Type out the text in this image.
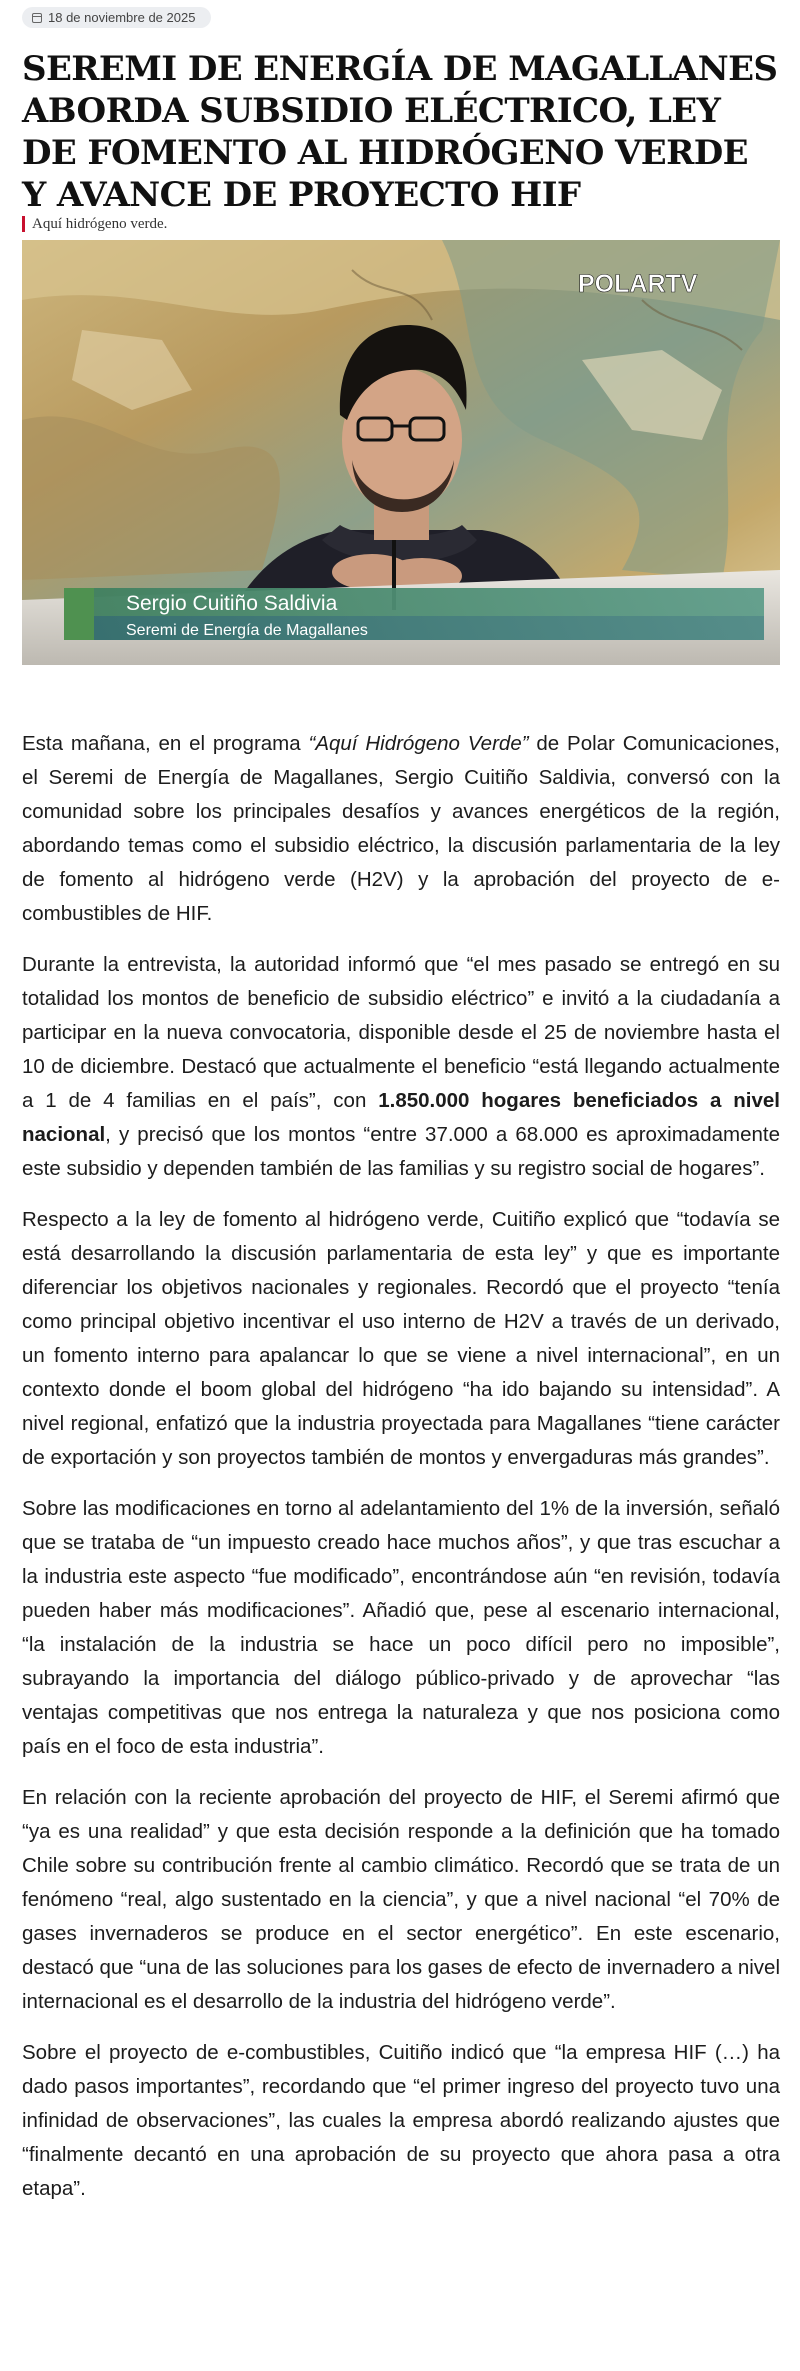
18 de noviembre de 2025
SEREMI DE ENERGÍA DE MAGALLANES ABORDA SUBSIDIO ELÉCTRICO, LEY DE FOMENTO AL HIDRÓGENO VERDE Y AVANCE DE PROYECTO HIF
Aquí hidrógeno verde.
POLARTV
Sergio Cuitiño Saldivia
Seremi de Energía de Magallanes

Esta mañana, en el programa “Aquí Hidrógeno Verde” de Polar Comunicaciones, el Seremi de Energía de Magallanes, Sergio Cuitiño Saldivia, conversó con la comunidad sobre los principales desafíos y avances energéticos de la región, abordando temas como el subsidio eléctrico, la discusión parlamentaria de la ley de fomento al hidrógeno verde (H2V) y la aprobación del proyecto de e-combustibles de HIF.

Durante la entrevista, la autoridad informó que “el mes pasado se entregó en su totalidad los montos de beneficio de subsidio eléctrico” e invitó a la ciudadanía a participar en la nueva convocatoria, disponible desde el 25 de noviembre hasta el 10 de diciembre. Destacó que actualmente el beneficio “está llegando actualmente a 1 de 4 familias en el país”, con 1.850.000 hogares beneficiados a nivel nacional, y precisó que los montos “entre 37.000 a 68.000 es aproximadamente este subsidio y dependen también de las familias y su registro social de hogares”.

Respecto a la ley de fomento al hidrógeno verde, Cuitiño explicó que “todavía se está desarrollando la discusión parlamentaria de esta ley” y que es importante diferenciar los objetivos nacionales y regionales. Recordó que el proyecto “tenía como principal objetivo incentivar el uso interno de H2V a través de un derivado, un fomento interno para apalancar lo que se viene a nivel internacional”, en un contexto donde el boom global del hidrógeno “ha ido bajando su intensidad”. A nivel regional, enfatizó que la industria proyectada para Magallanes “tiene carácter de exportación y son proyectos también de montos y envergaduras más grandes”.

Sobre las modificaciones en torno al adelantamiento del 1% de la inversión, señaló que se trataba de “un impuesto creado hace muchos años”, y que tras escuchar a la industria este aspecto “fue modificado”, encontrándose aún “en revisión, todavía pueden haber más modificaciones”. Añadió que, pese al escenario internacional, “la instalación de la industria se hace un poco difícil pero no imposible”, subrayando la importancia del diálogo público-privado y de aprovechar “las ventajas competitivas que nos entrega la naturaleza y que nos posiciona como país en el foco de esta industria”.

En relación con la reciente aprobación del proyecto de HIF, el Seremi afirmó que “ya es una realidad” y que esta decisión responde a la definición que ha tomado Chile sobre su contribución frente al cambio climático. Recordó que se trata de un fenómeno “real, algo sustentado en la ciencia”, y que a nivel nacional “el 70% de gases invernaderos se produce en el sector energético”. En este escenario, destacó que “una de las soluciones para los gases de efecto de invernadero a nivel internacional es el desarrollo de la industria del hidrógeno verde”.

Sobre el proyecto de e-combustibles, Cuitiño indicó que “la empresa HIF (…) ha dado pasos importantes”, recordando que “el primer ingreso del proyecto tuvo una infinidad de observaciones”, las cuales la empresa abordó realizando ajustes que “finalmente decantó en una aprobación de su proyecto que ahora pasa a otra etapa”.
